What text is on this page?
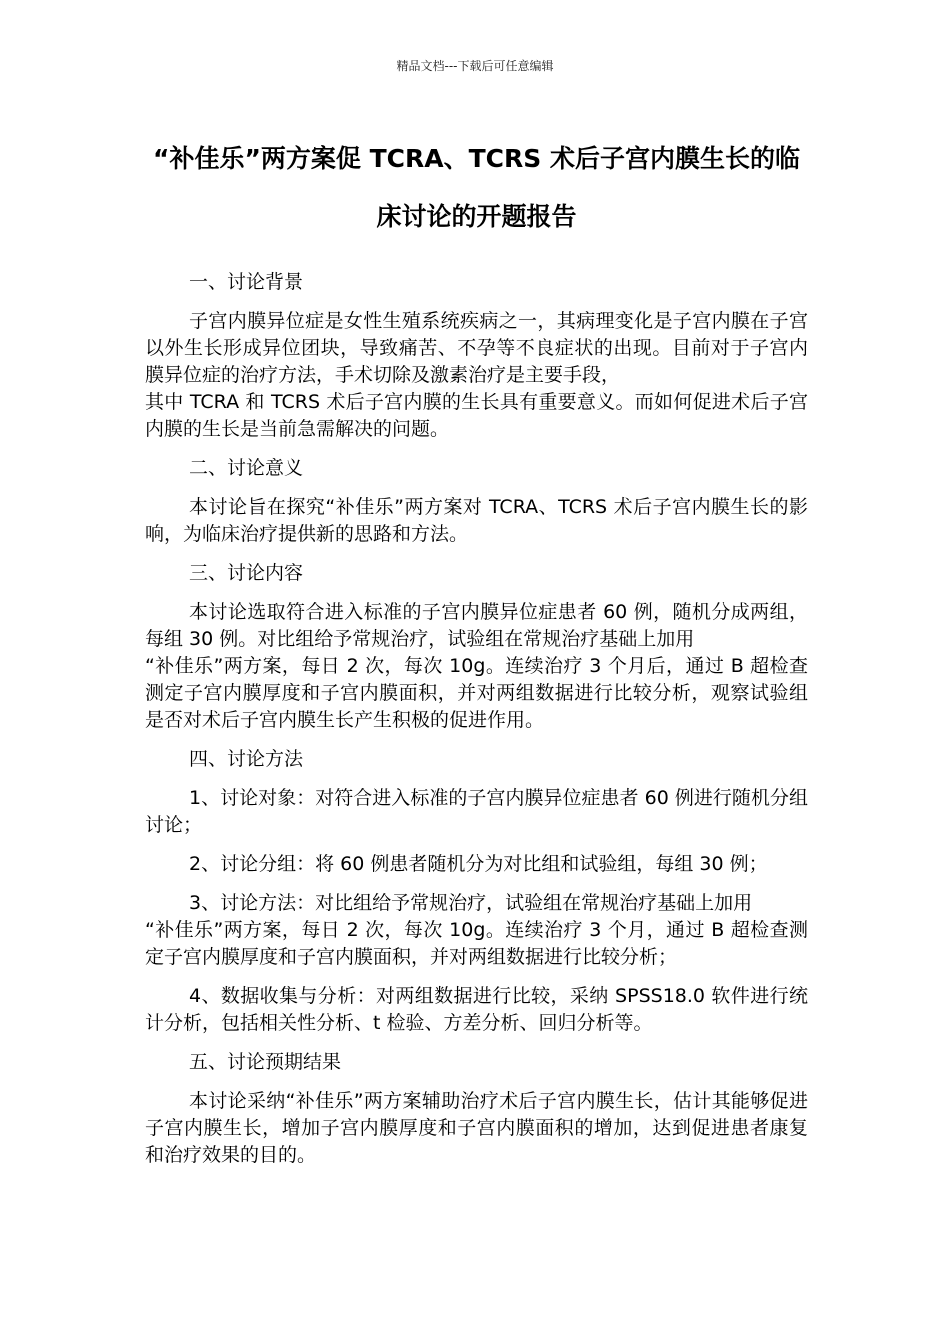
精品文档---下载后可任意编辑
“补佳乐”两方案促 TCRA、TCRS 术后子宫内膜生长的临床讨论的开题报告

一、讨论背景

子宫内膜异位症是女性生殖系统疾病之一，其病理变化是子宫内膜在子宫以外生长形成异位团块，导致痛苦、不孕等不良症状的出现。目前对于子宫内膜异位症的治疗方法，手术切除及激素治疗是主要手段，
其中 TCRA 和 TCRS 术后子宫内膜的生长具有重要意义。而如何促进术后子宫内膜的生长是当前急需解决的问题。

二、讨论意义

本讨论旨在探究“补佳乐”两方案对 TCRA、TCRS 术后子宫内膜生长的影响，为临床治疗提供新的思路和方法。

三、讨论内容

本讨论选取符合进入标准的子宫内膜异位症患者 60 例，随机分成两组，每组 30 例。对比组给予常规治疗，试验组在常规治疗基础上加用
“补佳乐”两方案，每日 2 次，每次 10g。连续治疗 3 个月后，通过 B 超检查测定子宫内膜厚度和子宫内膜面积，并对两组数据进行比较分析，观察试验组是否对术后子宫内膜生长产生积极的促进作用。

四、讨论方法

1、讨论对象：对符合进入标准的子宫内膜异位症患者 60 例进行随机分组讨论；

2、讨论分组：将 60 例患者随机分为对比组和试验组，每组 30 例；

3、讨论方法：对比组给予常规治疗，试验组在常规治疗基础上加用
“补佳乐”两方案，每日 2 次，每次 10g。连续治疗 3 个月，通过 B 超检查测定子宫内膜厚度和子宫内膜面积，并对两组数据进行比较分析；

4、数据收集与分析：对两组数据进行比较，采纳 SPSS18.0 软件进行统计分析，包括相关性分析、t 检验、方差分析、回归分析等。

五、讨论预期结果

本讨论采纳“补佳乐”两方案辅助治疗术后子宫内膜生长，估计其能够促进子宫内膜生长，增加子宫内膜厚度和子宫内膜面积的增加，达到促进患者康复和治疗效果的目的。
